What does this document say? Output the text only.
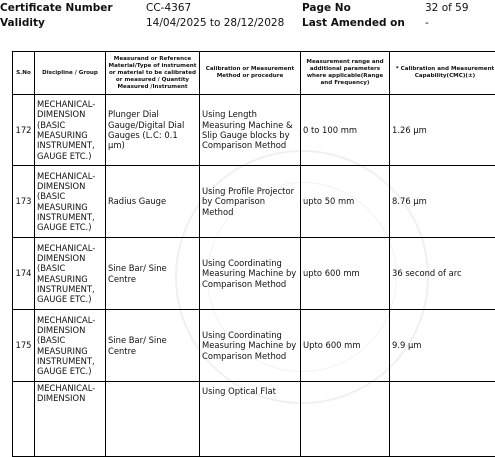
Certificate Number	CC-4367	Page No	32 of 59
Validity	14/04/2025 to 28/12/2028 Last Amended on -
S.No	Discipline / Group	Measurand or Reference Material/Type of instrument or material to be calibrated or measured / Quantity Measured /Instrument	Calibration or Measurement Method or procedure	Measurement range and additional parameters where applicable(Range and Frequency)	* Calibration and Measurement Capability(CMC)(±)
172	MECHANICAL- DIMENSION (BASIC MEASURING INSTRUMENT, GAUGE ETC.)	Plunger Dial Gauge/Digital Dial Gauges (L.C: 0.1 µm)	Using Length Measuring Machine & Slip Gauge blocks by Comparison Method	0 to 100 mm	1.26 µm
173	MECHANICAL- DIMENSION (BASIC MEASURING INSTRUMENT, GAUGE ETC.)	Radius Gauge	Using Profile Projector by Comparison Method	upto 50 mm	8.76 µm
174	MECHANICAL- DIMENSION (BASIC MEASURING INSTRUMENT, GAUGE ETC.)	Sine Bar/ Sine Centre	Using Coordinating Measuring Machine by Comparison Method	upto 600 mm	36 second of arc
175	MECHANICAL- DIMENSION (BASIC MEASURING INSTRUMENT, GAUGE ETC.)	Sine Bar/ Sine Centre	Using Coordinating Measuring Machine by Comparison Method	Upto 600 mm	9.9 µm
	MECHANICAL- DIMENSION		Using Optical Flat		
